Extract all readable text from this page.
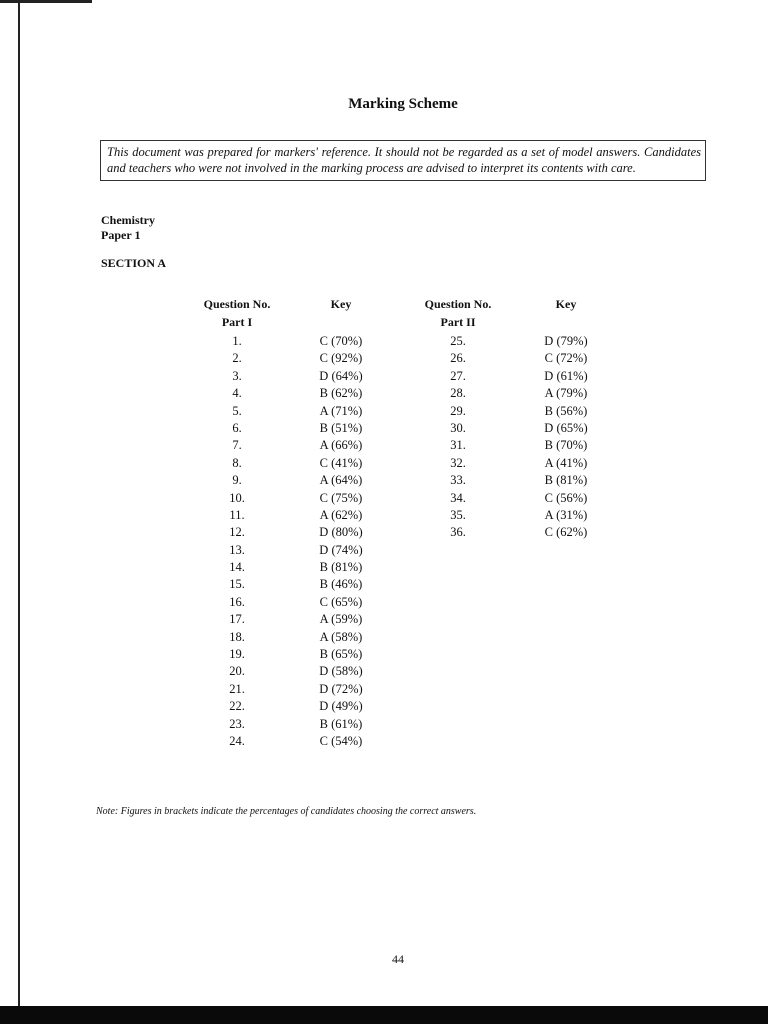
Marking Scheme
This document was prepared for markers' reference. It should not be regarded as a set of model answers. Candidates and teachers who were not involved in the marking process are advised to interpret its contents with care.
Chemistry
Paper 1
SECTION A
Question No.
Part I
Key	Question No.
Part II
Key
1.
2.
3.
4.
5.
6.
7.
8.
9.
10.
11.
12.
13.
14.
15.
16.
17.
18.
19.
20.
21.
22.
23.
24.
C (70%)
C (92%)
D (64%)
B (62%)
A (71%)
B (51%)
A (66%)
C (41%)
A (64%)
C (75%)
A (62%)
D (80%)
D (74%)
B (81%)
B (46%)
C (65%)
A (59%)
A (58%)
B (65%)
D (58%)
D (72%)
D (49%)
B (61%)
C (54%)
25.
26.
27.
28.
29.
30.
31.
32.
33.
34.
35.
36.
D (79%)
C (72%)
D (61%)
A (79%)
B (56%)
D (65%)
B (70%)
A (41%)
B (81%)
C (56%)
A (31%)
C (62%)
Note: Figures in brackets indicate the percentages of candidates choosing the correct answers.
44
